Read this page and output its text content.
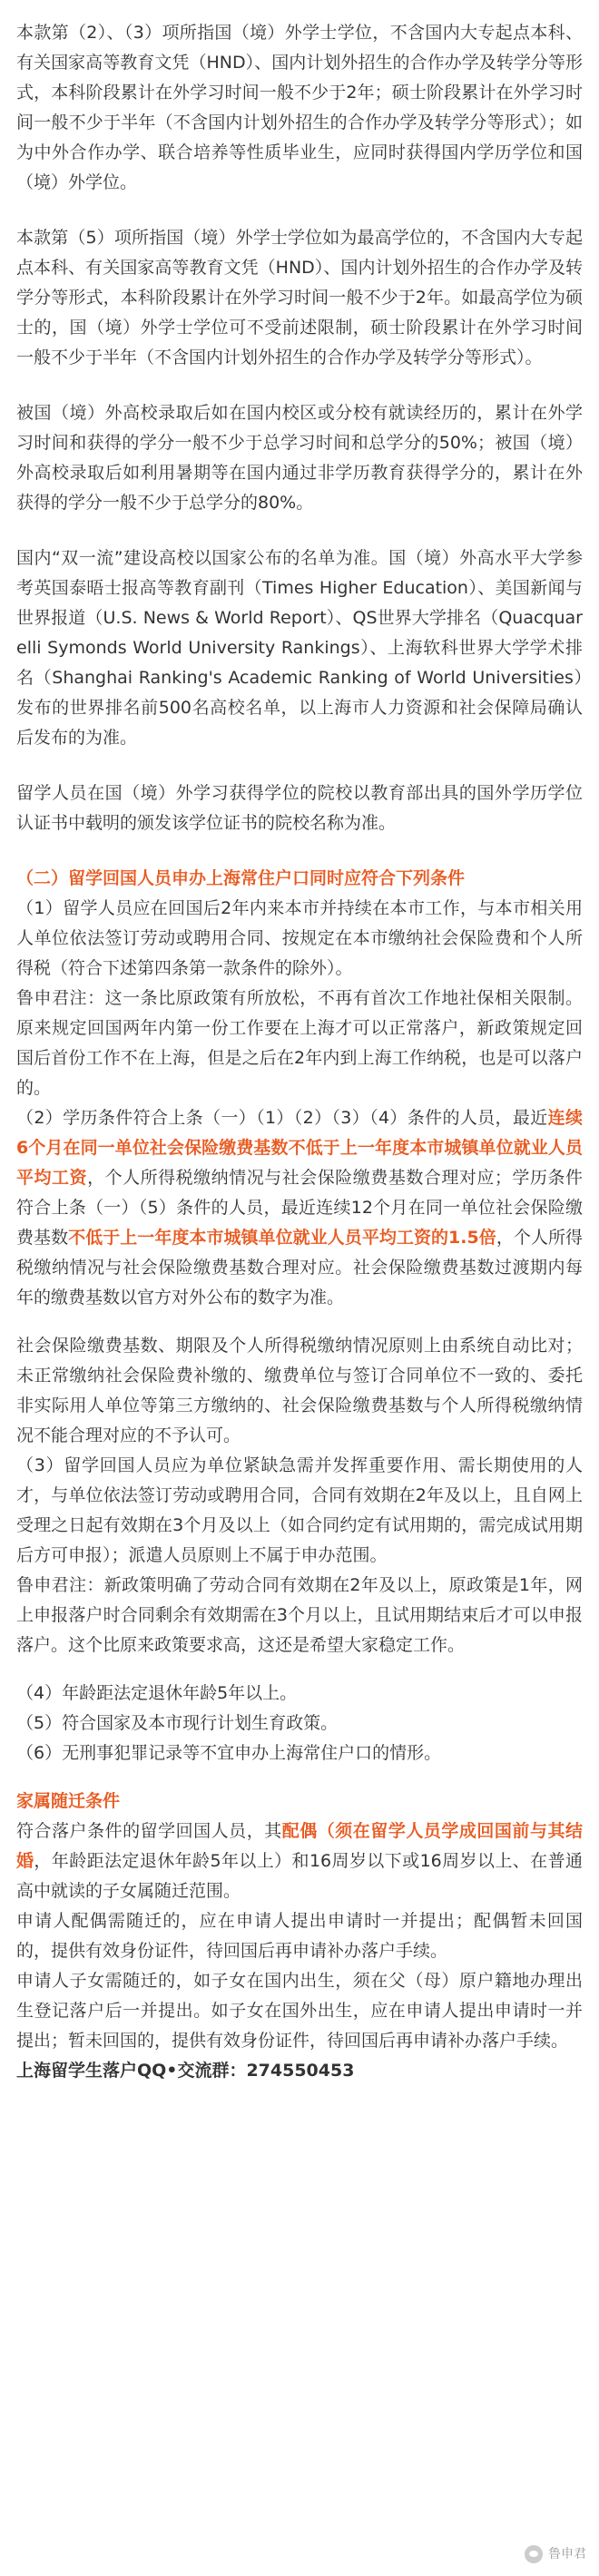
本款第（2）、（3）项所指国（境）外学士学位，不含国内大专起点本科、有关国家高等教育文凭（HND）、国内计划外招生的合作办学及转学分等形式，本科阶段累计在外学习时间一般不少于2年；硕士阶段累计在外学习时间一般不少于半年（不含国内计划外招生的合作办学及转学分等形式）；如为中外合作办学、联合培养等性质毕业生，应同时获得国内学历学位和国（境）外学位。

本款第（5）项所指国（境）外学士学位如为最高学位的，不含国内大专起点本科、有关国家高等教育文凭（HND）、国内计划外招生的合作办学及转学分等形式，本科阶段累计在外学习时间一般不少于2年。如最高学位为硕士的，国（境）外学士学位可不受前述限制，硕士阶段累计在外学习时间一般不少于半年（不含国内计划外招生的合作办学及转学分等形式）。

被国（境）外高校录取后如在国内校区或分校有就读经历的，累计在外学习时间和获得的学分一般不少于总学习时间和总学分的50%；被国（境）外高校录取后如利用暑期等在国内通过非学历教育获得学分的，累计在外获得的学分一般不少于总学分的80%。

国内“双一流”建设高校以国家公布的名单为准。国（境）外高水平大学参考英国泰晤士报高等教育副刊（Times Higher Education）、美国新闻与世界报道（U.S. News & World Report）、QS世界大学排名（Quacquarelli Symonds World University Rankings）、上海软科世界大学学术排名（Shanghai Ranking's Academic Ranking of World Universities）发布的世界排名前500名高校名单，以上海市人力资源和社会保障局确认后发布的为准。

留学人员在国（境）外学习获得学位的院校以教育部出具的国外学历学位认证书中载明的颁发该学位证书的院校名称为准。

（二）留学回国人员申办上海常住户口同时应符合下列条件

（1）留学人员应在回国后2年内来本市并持续在本市工作，与本市相关用人单位依法签订劳动或聘用合同、按规定在本市缴纳社会保险费和个人所得税（符合下述第四条第一款条件的除外）。

鲁申君注：这一条比原政策有所放松，不再有首次工作地社保相关限制。原来规定回国两年内第一份工作要在上海才可以正常落户，新政策规定回国后首份工作不在上海，但是之后在2年内到上海工作纳税，也是可以落户的。

（2）学历条件符合上条（一）（1）（2）（3）（4）条件的人员，最近连续6个月在同一单位社会保险缴费基数不低于上一年度本市城镇单位就业人员平均工资，个人所得税缴纳情况与社会保险缴费基数合理对应；学历条件符合上条（一）（5）条件的人员，最近连续12个月在同一单位社会保险缴费基数不低于上一年度本市城镇单位就业人员平均工资的1.5倍，个人所得税缴纳情况与社会保险缴费基数合理对应。社会保险缴费基数过渡期内每年的缴费基数以官方对外公布的数字为准。

社会保险缴费基数、期限及个人所得税缴纳情况原则上由系统自动比对；未正常缴纳社会保险费补缴的、缴费单位与签订合同单位不一致的、委托非实际用人单位等第三方缴纳的、社会保险缴费基数与个人所得税缴纳情况不能合理对应的不予认可。

（3）留学回国人员应为单位紧缺急需并发挥重要作用、需长期使用的人才，与单位依法签订劳动或聘用合同，合同有效期在2年及以上，且自网上受理之日起有效期在3个月及以上（如合同约定有试用期的，需完成试用期后方可申报）；派遣人员原则上不属于申办范围。

鲁申君注：新政策明确了劳动合同有效期在2年及以上，原政策是1年，网上申报落户时合同剩余有效期需在3个月以上，且试用期结束后才可以申报落户。这个比原来政策要求高，这还是希望大家稳定工作。

（4）年龄距法定退休年龄5年以上。

（5）符合国家及本市现行计划生育政策。

（6）无刑事犯罪记录等不宜申办上海常住户口的情形。

家属随迁条件

符合落户条件的留学回国人员，其配偶（须在留学人员学成回国前与其结婚，年龄距法定退休年龄5年以上）和16周岁以下或16周岁以上、在普通高中就读的子女属随迁范围。

申请人配偶需随迁的，应在申请人提出申请时一并提出；配偶暂未回国的，提供有效身份证件，待回国后再申请补办落户手续。

申请人子女需随迁的，如子女在国内出生，须在父（母）原户籍地办理出生登记落户后一并提出。如子女在国外出生，应在申请人提出申请时一并提出；暂未回国的，提供有效身份证件，待回国后再申请补办落户手续。

上海留学生落户QQ•交流群：274550453

鲁申君
